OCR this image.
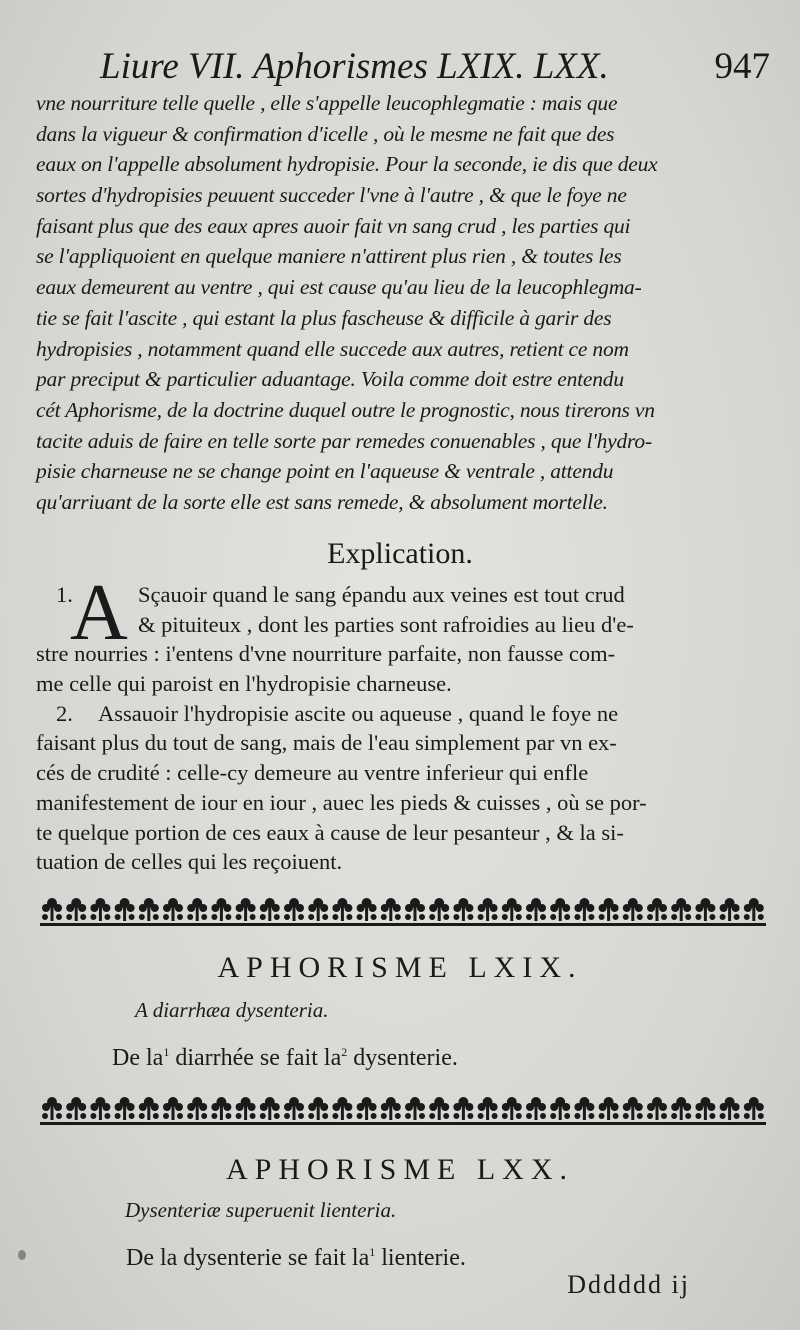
Liure VII. Aphorismes LXIX. LXX.	947
vne nourriture telle quelle , elle s'appelle leucophlegmatie : mais que
dans la vigueur & confirmation d'icelle , où le mesme ne fait que des
eaux on l'appelle absolument hydropisie. Pour la seconde, ie dis que deux
sortes d'hydropisies peuuent succeder l'vne à l'autre , & que le foye ne
faisant plus que des eaux apres auoir fait vn sang crud , les parties qui
se l'appliquoient en quelque maniere n'attirent plus rien , & toutes les
eaux demeurent au ventre , qui est cause qu'au lieu de la leucophlegma-
tie se fait l'ascite , qui estant la plus fascheuse & difficile à garir des
hydropisies , notamment quand elle succede aux autres, retient ce nom
par preciput & particulier aduantage. Voila comme doit estre entendu
cét Aphorisme, de la doctrine duquel outre le prognostic, nous tirerons vn
tacite aduis de faire en telle sorte par remedes conuenables , que l'hydro-
pisie charneuse ne se change point en l'aqueuse & ventrale , attendu
qu'arriuant de la sorte elle est sans remede, & absolument mortelle.
Explication.
A
1.	Sçauoir quand le sang épandu aux veines est tout crud
& pituiteux , dont les parties sont rafroidies au lieu d'e-
stre nourries : i'entens d'vne nourriture parfaite, non fausse com-
me celle qui paroist en l'hydropisie charneuse.
2. Assauoir l'hydropisie ascite ou aqueuse , quand le foye ne
faisant plus du tout de sang, mais de l'eau simplement par vn ex-
cés de crudité : celle-cy demeure au ventre inferieur qui enfle
manifestement de iour en iour , auec les pieds & cuisses , où se por-
te quelque portion de ces eaux à cause de leur pesanteur , & la si-
tuation de celles qui les reçoiuent.
APHORISME LXIX.
A diarrhæa dysenteria.
De $la^1$ diarrhée se fait $la^2$ dysenterie.
APHORISME LXX.
Dysenteriæ superuenit lienteria.
De la dysenterie se fait $la^1$ lienterie.
Dddddd ij
